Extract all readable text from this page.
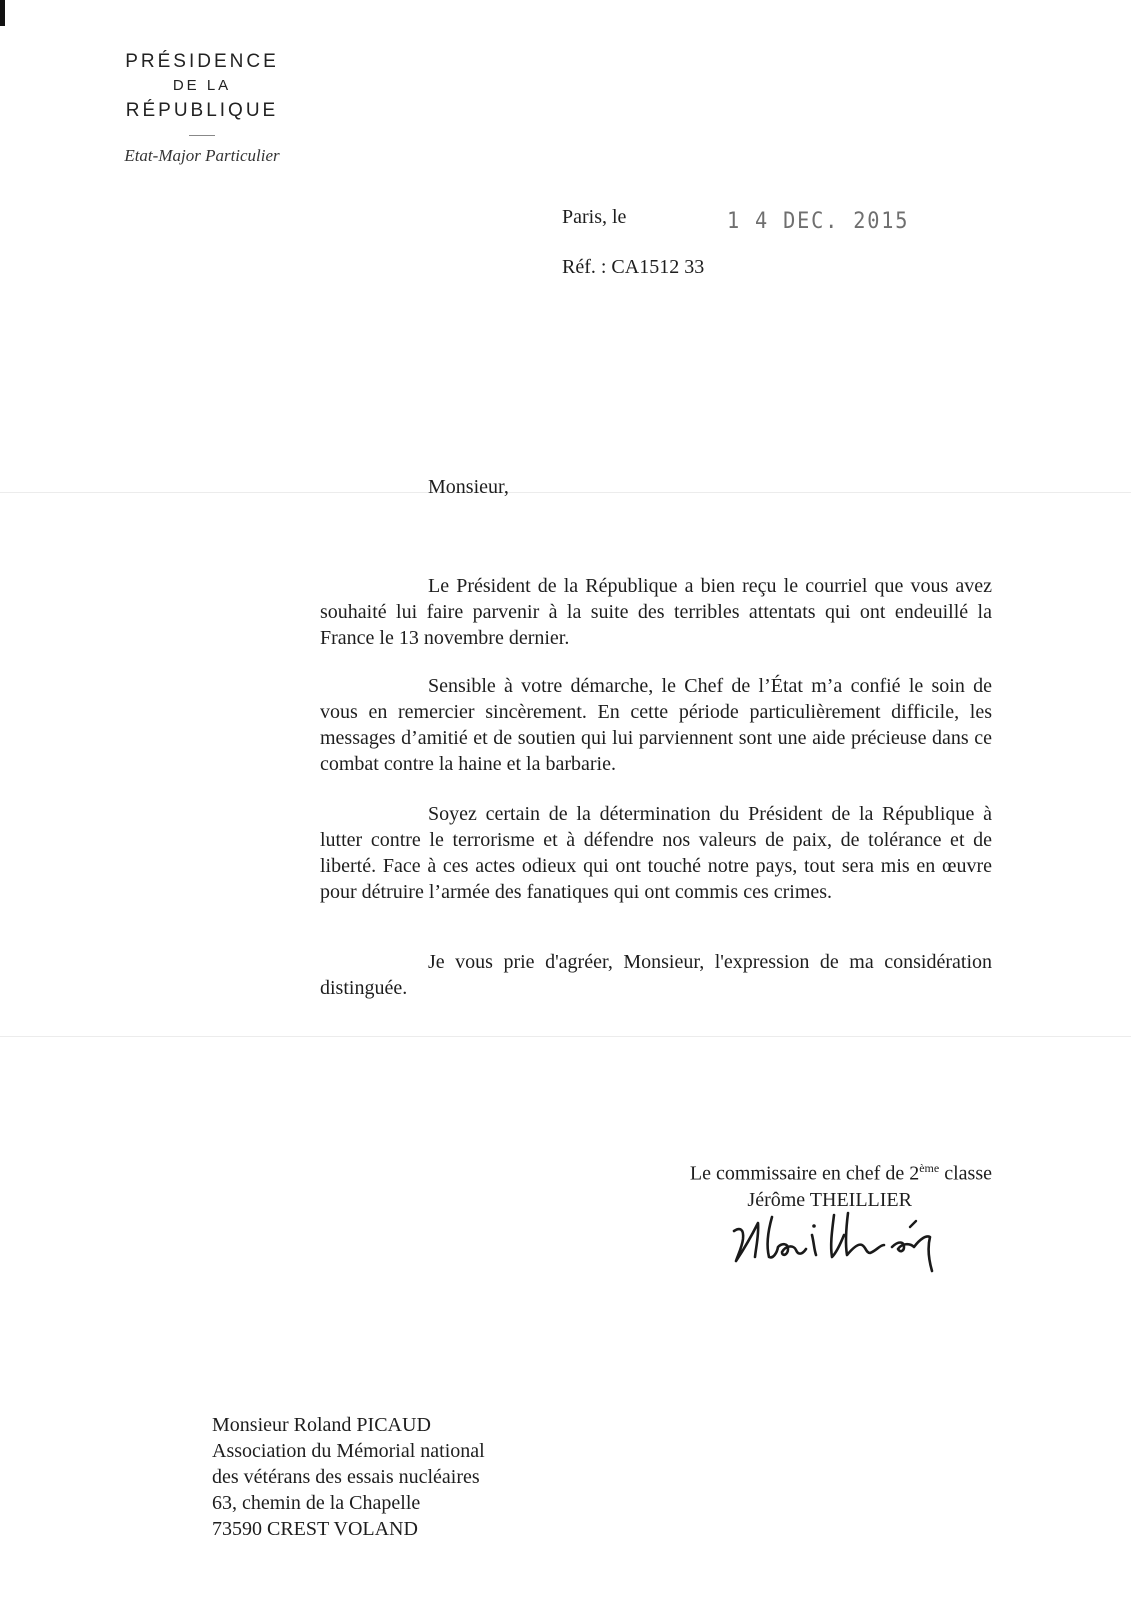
PRÉSIDENCE
DE LA
RÉPUBLIQUE
Etat-Major Particulier
Paris, le	1 4 DEC. 2015
Réf. : CA1512 33
Monsieur,

Le Président de la République a bien reçu le courriel que vous avez souhaité lui faire parvenir à la suite des terribles attentats qui ont endeuillé la France le 13 novembre dernier.

Sensible à votre démarche, le Chef de l’État m’a confié le soin de vous en remercier sincèrement. En cette période particulièrement difficile, les messages d’amitié et de soutien qui lui parviennent sont une aide précieuse dans ce combat contre la haine et la barbarie.

Soyez certain de la détermination du Président de la République à lutter contre le terrorisme et à défendre nos valeurs de paix, de tolérance et de liberté. Face à ces actes odieux qui ont touché notre pays, tout sera mis en œuvre pour détruire l’armée des fanatiques qui ont commis ces crimes.

Je vous prie d'agréer, Monsieur, l'expression de ma considération distinguée.

Le commissaire en chef de 2ème classe
Jérôme THEILLIER
Monsieur Roland PICAUD
Association du Mémorial national
des vétérans des essais nucléaires
63, chemin de la Chapelle
73590 CREST VOLAND
